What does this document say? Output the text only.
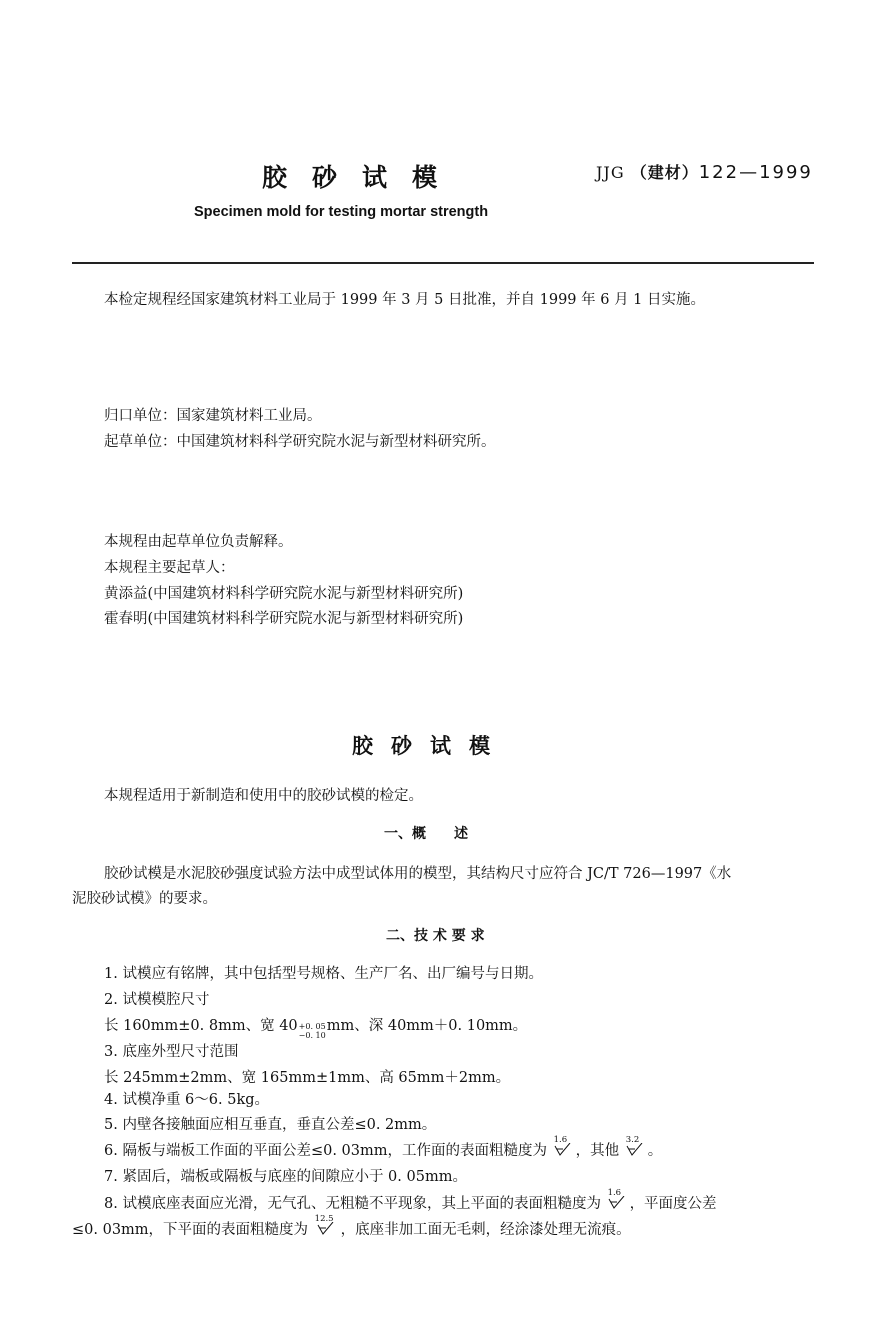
胶砂试模	JJG （建材）122—1999
Specimen mold for testing mortar strength
本检定规程经国家建筑材料工业局于 1999 年 3 月 5 日批准，并自 1999 年 6 月 1 日实施。
归口单位：国家建筑材料工业局。
起草单位：中国建筑材料科学研究院水泥与新型材料研究所。
本规程由起草单位负责解释。
本规程主要起草人：
黄添益(中国建筑材料科学研究院水泥与新型材料研究所)
霍春明(中国建筑材料科学研究院水泥与新型材料研究所)
胶砂试模
本规程适用于新制造和使用中的胶砂试模的检定。
一、概　　述
胶砂试模是水泥胶砂强度试验方法中成型试体用的模型，其结构尺寸应符合 JC/T 726—1997《水
泥胶砂试模》的要求。
二、技 术 要 求
1. 试模应有铭牌，其中包括型号规格、生产厂名、出厂编号与日期。
2. 试模模腔尺寸
长 160mm±0. 8mm、宽 40 +0. 05
−0. 10
mm、深 40mm＋0. 10mm。
3. 底座外型尺寸范围
长 245mm±2mm、宽 165mm±1mm、高 65mm＋2mm。
4. 试模净重 6～6. 5kg。
5. 内壁各接触面应相互垂直，垂直公差≤0. 2mm。
6. 隔板与端板工作面的平面公差≤0. 03mm，工作面的表面粗糙度为
1.6
，其他
3.2
。
7. 紧固后，端板或隔板与底座的间隙应小于 0. 05mm。
8. 试模底座表面应光滑，无气孔、无粗糙不平现象，其上平面的表面粗糙度为
1.6
，平面度公差
≤0. 03mm，下平面的表面粗糙度为
12.5
，底座非加工面无毛刺，经涂漆处理无流痕。
